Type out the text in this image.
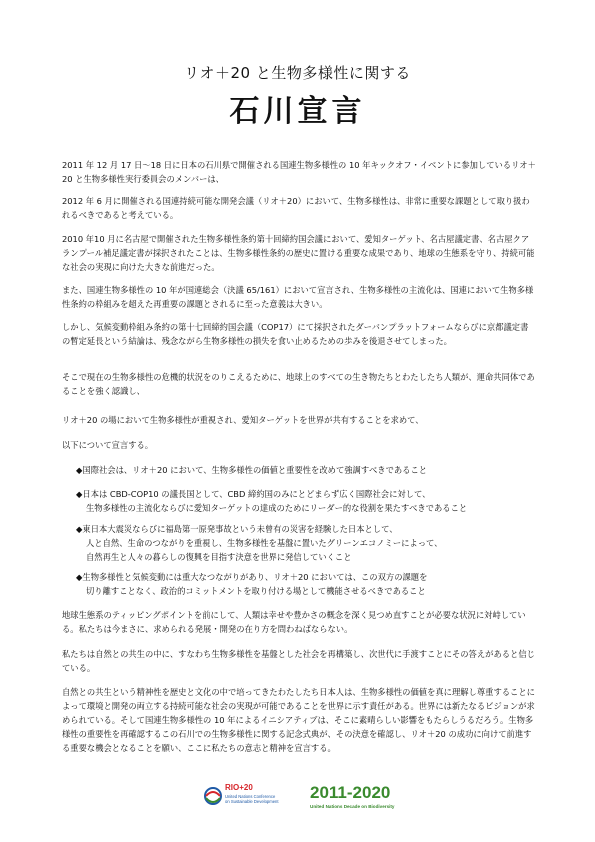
リオ＋20 と生物多様性に関する
石川宣言

2011 年 12 月 17 日〜18 日に日本の石川県で開催される国連生物多様性の 10 年キックオフ・イベントに参加しているリオ＋20 と生物多様性実行委員会のメンバーは、

2012 年 6 月に開催される国連持続可能な開発会議（リオ＋20）において、生物多様性は、非常に重要な課題として取り扱われるべきであると考えている。

2010 年10 月に名古屋で開催された生物多様性条約第十回締約国会議において、愛知ターゲット、名古屋議定書、名古屋クアランプール補足議定書が採択されたことは、生物多様性条約の歴史に置ける重要な成果であり、地球の生態系を守り、持続可能な社会の実現に向けた大きな前進だった。

また、国連生物多様性の 10 年が国連総会（決議 65/161）において宣言され、生物多様性の主流化は、国連において生物多様性条約の枠組みを超えた再重要の課題とされるに至った意義は大きい。

しかし、気候変動枠組み条約の第十七回締約国会議（COP17）にて採択されたダーバンプラットフォームならびに京都議定書の暫定延長という結論は、残念ながら生物多様性の損失を食い止めるための歩みを後退させてしまった。

そこで現在の生物多様性の危機的状況をのりこえるために、地球上のすべての生き物たちとわたしたち人類が、運命共同体であることを強く認識し、

リオ＋20 の場において生物多様性が重視され、愛知ターゲットを世界が共有することを求めて、

以下について宣言する。

◆国際社会は、リオ＋20 において、生物多様性の価値と重要性を改めて強調すべきであること
◆日本は CBD-COP10 の議長国として、CBD 締約国のみにとどまらず広く国際社会に対して、
生物多様性の主流化ならびに愛知ターゲットの達成のためにリーダー的な役割を果たすべきであること
◆東日本大震災ならびに福島第一原発事故という未曾有の災害を経験した日本として、
人と自然、生命のつながりを重視し、生物多様性を基盤に置いたグリーンエコノミーによって、
自然再生と人々の暮らしの復興を目指す決意を世界に発信していくこと
◆生物多様性と気候変動には重大なつながりがあり、リオ＋20 においては、この双方の課題を
切り離すことなく、政治的コミットメントを取り付ける場として機能させるべきであること

地球生態系のティッピングポイントを前にして、人類は幸せや豊かさの概念を深く見つめ直すことが必要な状況に対峙している。私たちは今まさに、求められる発展・開発の在り方を問わねばならない。

私たちは自然との共生の中に、すなわち生物多様性を基盤とした社会を再構築し、次世代に手渡すことにその答えがあると信じている。

自然との共生という精神性を歴史と文化の中で培ってきたわたしたち日本人は、生物多様性の価値を真に理解し尊重することによって環境と開発の両立する持続可能な社会の実現が可能であることを世界に示す責任がある。世界には新たなるビジョンが求められている。そして国連生物多様性の 10 年によるイニシアティブは、そこに素晴らしい影響をもたらしうるだろう。生物多様性の重要性を再確認するこの石川での生物多様性に関する記念式典が、その決意を確認し、リオ＋20 の成功に向けて前進する重要な機会となることを願い、ここに私たちの意志と精神を宣言する。

RIO+20
United Nations Conference
on Sustainable Development 2011-2020
United Nations Decade on Biodiversity
